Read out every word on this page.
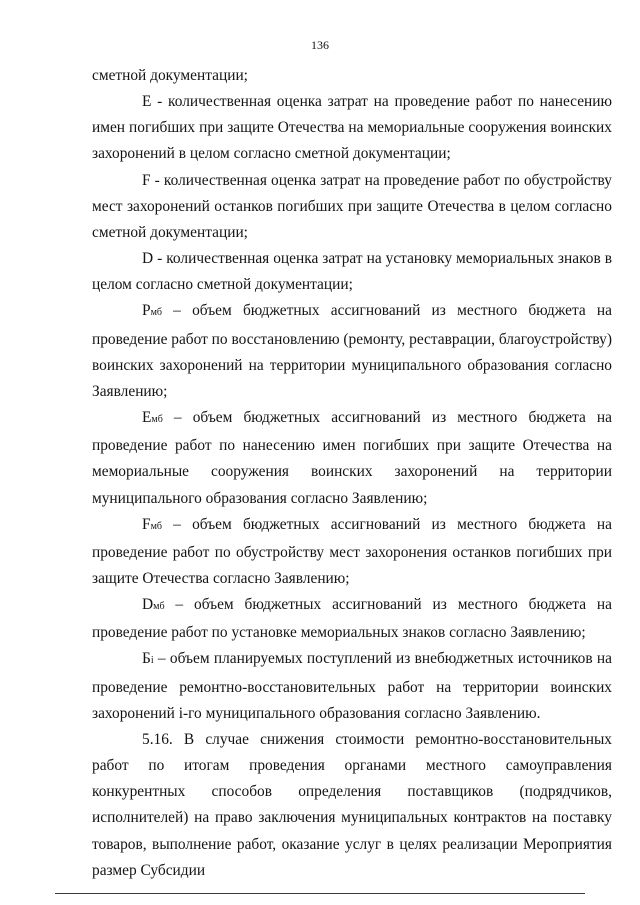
136

сметной документации;

E - количественная оценка затрат на проведение работ по нанесению имен погибших при защите Отечества на мемориальные сооружения воинских захоронений в целом согласно сметной документации;

F - количественная оценка затрат на проведение работ по обустройству мест захоронений останков погибших при защите Отечества в целом согласно сметной документации;

D - количественная оценка затрат на установку мемориальных знаков в целом согласно сметной документации;

Pмб – объем бюджетных ассигнований из местного бюджета на проведение работ по восстановлению (ремонту, реставрации, благоустройству) воинских захоронений на территории муниципального образования согласно Заявлению;

Eмб – объем бюджетных ассигнований из местного бюджета на проведение работ по нанесению имен погибших при защите Отечества на мемориальные сооружения воинских захоронений на территории муниципального образования согласно Заявлению;

Fмб – объем бюджетных ассигнований из местного бюджета на проведение работ по обустройству мест захоронения останков погибших при защите Отечества согласно Заявлению;

Dмб – объем бюджетных ассигнований из местного бюджета на проведение работ по установке мемориальных знаков согласно Заявлению;

Бi – объем планируемых поступлений из внебюджетных источников на проведение ремонтно-восстановительных работ на территории воинских захоронений i-го муниципального образования согласно Заявлению.

5.16. В случае снижения стоимости ремонтно-восстановительных работ по итогам проведения органами местного самоуправления конкурентных способов определения поставщиков (подрядчиков, исполнителей) на право заключения муниципальных контрактов на поставку товаров, выполнение работ, оказание услуг в целях реализации Мероприятия размер Субсидии
